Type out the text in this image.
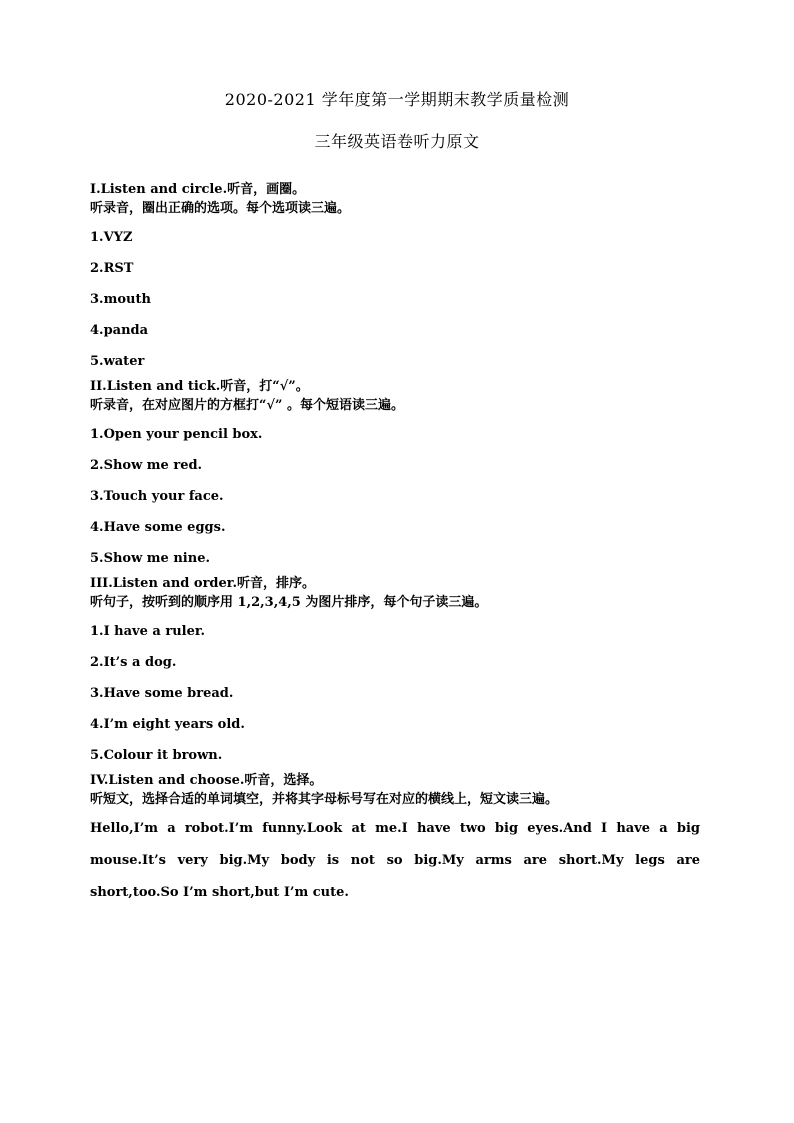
2020-2021 学年度第一学期期末教学质量检测
三年级英语卷听力原文

I.Listen and circle.听音，画圈。

听录音，圈出正确的选项。每个选项读三遍。

1.VYZ

2.RST

3.mouth

4.panda

5.water

II.Listen and tick.听音，打“√”。

听录音，在对应图片的方框打“√” 。每个短语读三遍。

1.Open your pencil box.

2.Show me red.

3.Touch your face.

4.Have some eggs.

5.Show me nine.

III.Listen and order.听音，排序。

听句子，按听到的顺序用 1,2,3,4,5 为图片排序，每个句子读三遍。

1.I have a ruler.

2.It’s a dog.

3.Have some bread.

4.I’m eight years old.

5.Colour it brown.

IV.Listen and choose.听音，选择。

听短文，选择合适的单词填空，并将其字母标号写在对应的横线上，短文读三遍。

Hello,I’m a robot.I’m funny.Look at me.I have two big eyes.And I have a big mouse.It’s very big.My body is not so big.My arms are short.My legs are short,too.So I’m short,but I’m cute.
